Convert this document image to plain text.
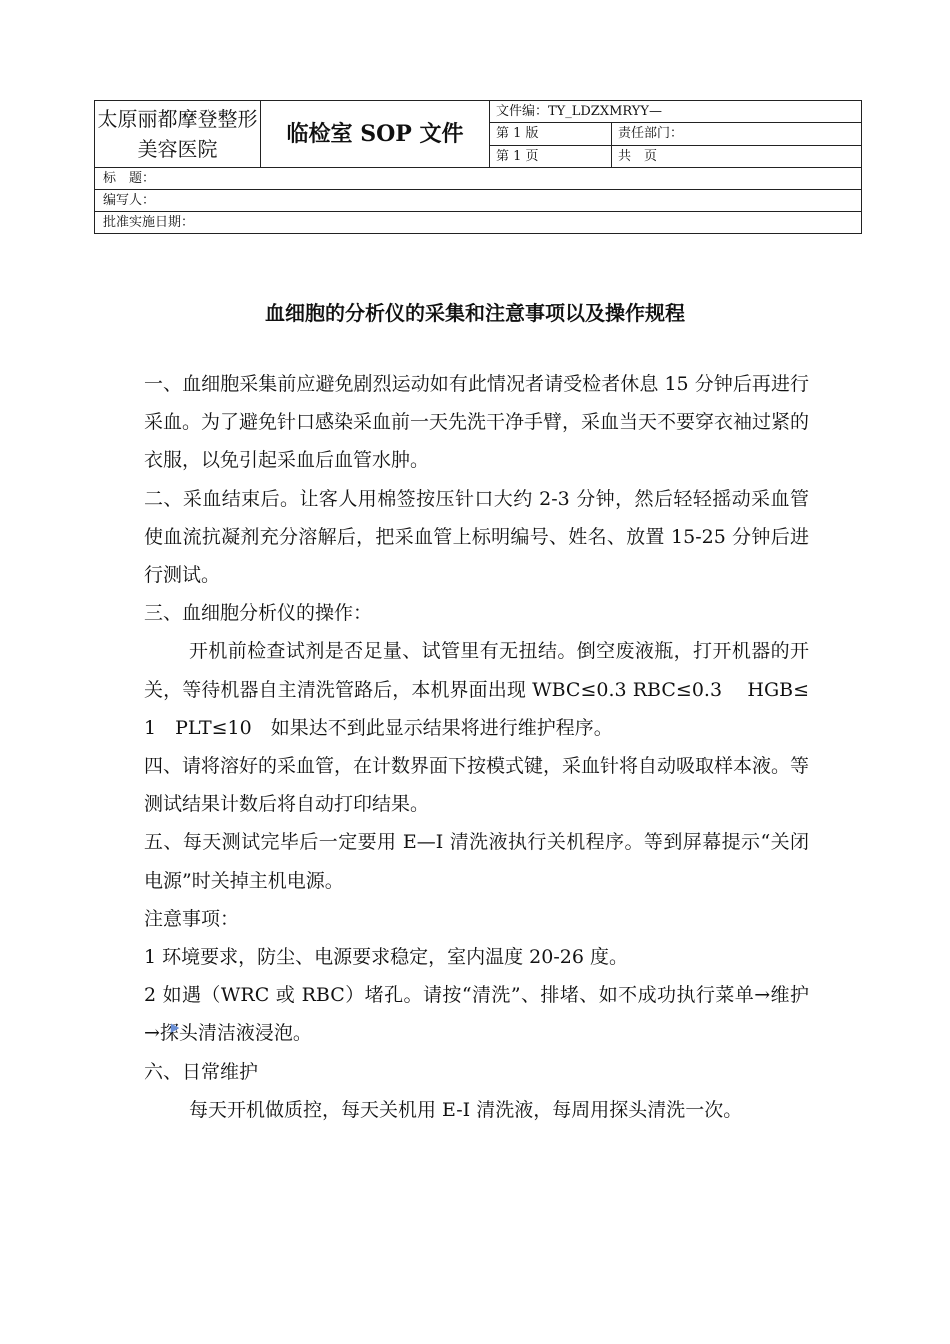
太原丽都摩登整形美容医院	临检室 SOP 文件	文件编：TY_LDZXMRYY—	
		第 1 版	责任部门：
		第 1 页	共　页
标　题：			
编写人：			
批准实施日期：			
血细胞的分析仪的采集和注意事项以及操作规程

一、血细胞采集前应避免剧烈运动如有此情况者请受检者休息 15 分钟后再进行采血。为了避免针口感染采血前一天先洗干净手臂，采血当天不要穿衣袖过紧的衣服，以免引起采血后血管水肿。

二、采血结束后。让客人用棉签按压针口大约 2-3 分钟，然后轻轻摇动采血管使血流抗凝剂充分溶解后，把采血管上标明编号、姓名、放置 15-25 分钟后进行测试。

三、血细胞分析仪的操作：

开机前检查试剂是否足量、试管里有无扭结。倒空废液瓶，打开机器的开关，等待机器自主清洗管路后，本机界面出现 WBC≤0.3 RBC≤0.3　 HGB≤1　PLT≤10　如果达不到此显示结果将进行维护程序。

四、请将溶好的采血管，在计数界面下按模式键，采血针将自动吸取样本液。等测试结果计数后将自动打印结果。

五、每天测试完毕后一定要用 E—I 清洗液执行关机程序。等到屏幕提示“关闭电源”时关掉主机电源。

注意事项：

1 环境要求，防尘、电源要求稳定，室内温度 20-26 度。

2 如遇（WRC 或 RBC）堵孔。请按“清洗”、排堵、如不成功执行菜单→维护→探头清洁液浸泡。

六、日常维护

每天开机做质控，每天关机用 E-I 清洗液，每周用探头清洗一次。
